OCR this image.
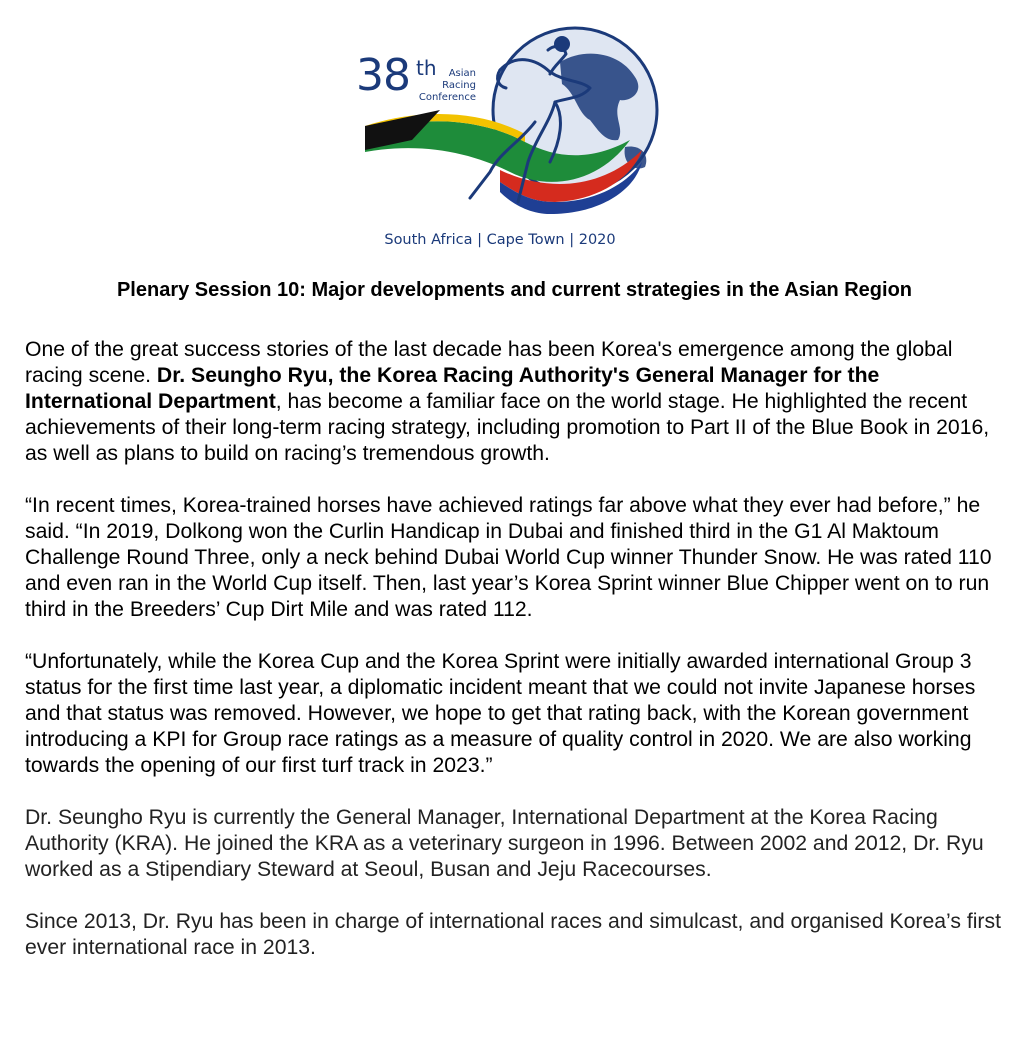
38 th	Asian
Racing
Conference
South Africa | Cape Town | 2020
Plenary Session 10: Major developments and current strategies in the Asian Region

One of the great success stories of the last decade has been Korea's emergence among the global racing scene. Dr. Seungho Ryu, the Korea Racing Authority's General Manager for the International Department, has become a familiar face on the world stage. He highlighted the recent achievements of their long-term racing strategy, including promotion to Part II of the Blue Book in 2016, as well as plans to build on racing’s tremendous growth.

“In recent times, Korea-trained horses have achieved ratings far above what they ever had before,” he said. “In 2019, Dolkong won the Curlin Handicap in Dubai and finished third in the G1 Al Maktoum Challenge Round Three, only a neck behind Dubai World Cup winner Thunder Snow. He was rated 110 and even ran in the World Cup itself. Then, last year’s Korea Sprint winner Blue Chipper went on to run third in the Breeders’ Cup Dirt Mile and was rated 112.

“Unfortunately, while the Korea Cup and the Korea Sprint were initially awarded international Group 3 status for the first time last year, a diplomatic incident meant that we could not invite Japanese horses and that status was removed. However, we hope to get that rating back, with the Korean government introducing a KPI for Group race ratings as a measure of quality control in 2020. We are also working towards the opening of our first turf track in 2023.”

Dr. Seungho Ryu is currently the General Manager, International Department at the Korea Racing Authority (KRA). He joined the KRA as a veterinary surgeon in 1996. Between 2002 and 2012, Dr. Ryu worked as a Stipendiary Steward at Seoul, Busan and Jeju Racecourses.

Since 2013, Dr. Ryu has been in charge of international races and simulcast, and organised Korea’s first ever international race in 2013.
